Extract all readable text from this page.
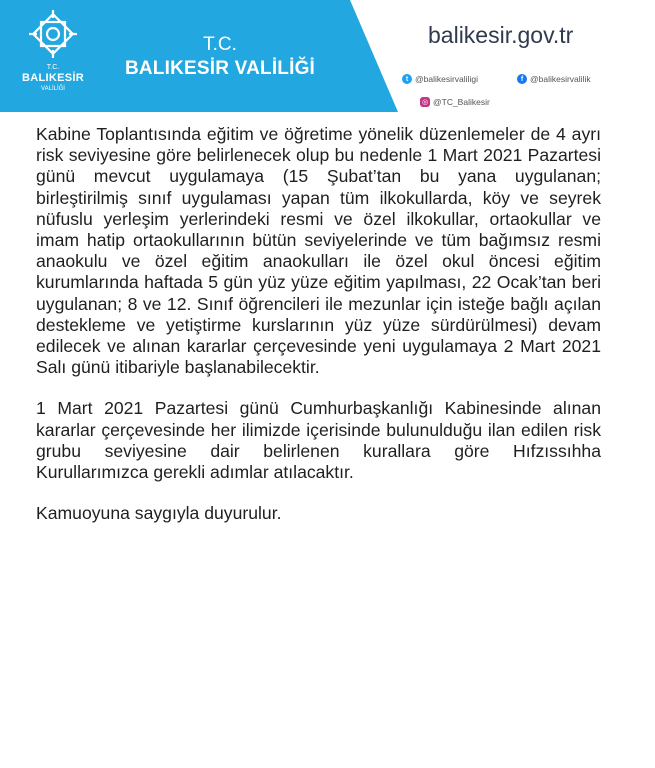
T.C.
BALIKESİR
VALİLİĞİ
T.C.
BALIKESİR VALİLİĞİ
balikesir.gov.tr
t @balikesirvaliligi	f @balikesirvalilik
◎ @TC_Balikesir

Kabine Toplantısında eğitim ve öğretime yönelik düzenlemeler de 4 ayrı risk seviyesine göre belirlenecek olup bu nedenle 1 Mart 2021 Pazartesi günü mevcut uygulamaya (15 Şubat’tan bu yana uygulanan; birleştirilmiş sınıf uygulaması yapan tüm ilkokullarda, köy ve seyrek nüfuslu yerleşim yerlerindeki resmi ve özel ilkokullar, ortaokullar ve imam hatip ortaokullarının bütün seviyelerinde ve tüm bağımsız resmi anaokulu ve özel eğitim anaokulları ile özel okul öncesi eğitim kurumlarında haftada 5 gün yüz yüze eğitim yapılması, 22 Ocak’tan beri uygulanan; 8 ve 12. Sınıf öğrencileri ile mezunlar için isteğe bağlı açılan destekleme ve yetiştirme kurslarının yüz yüze sürdürülmesi) devam edilecek ve alınan kararlar çerçevesinde yeni uygulamaya 2 Mart 2021 Salı günü itibariyle başlanabilecektir.

1 Mart 2021 Pazartesi günü Cumhurbaşkanlığı Kabinesinde alınan kararlar çerçevesinde her ilimizde içerisinde bulunulduğu ilan edilen risk grubu seviyesine dair belirlenen kurallara göre Hıfzıssıhha Kurullarımızca gerekli adımlar atılacaktır.

Kamuoyuna saygıyla duyurulur.
